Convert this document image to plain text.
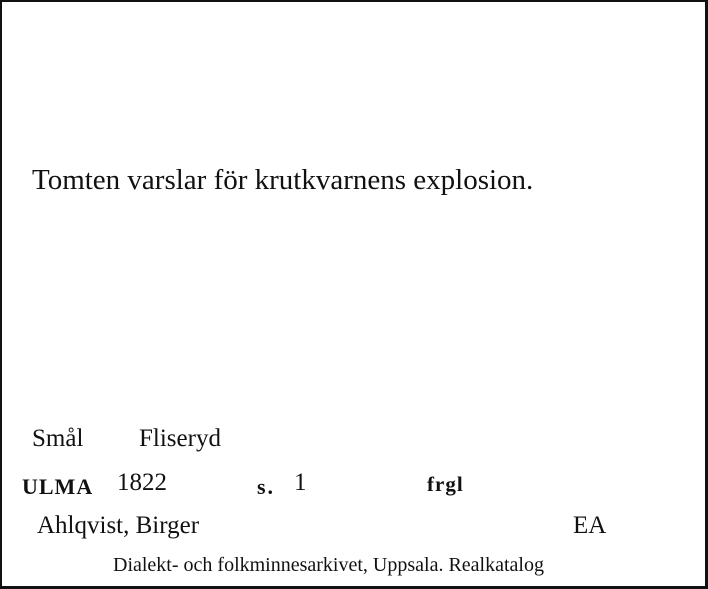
Tomten varslar för krutkvarnens explosion.
Smål Fliseryd
ULMA 1822	s. 1	frgl
Ahlqvist, Birger	EA
Dialekt- och folkminnesarkivet, Uppsala. Realkatalog
